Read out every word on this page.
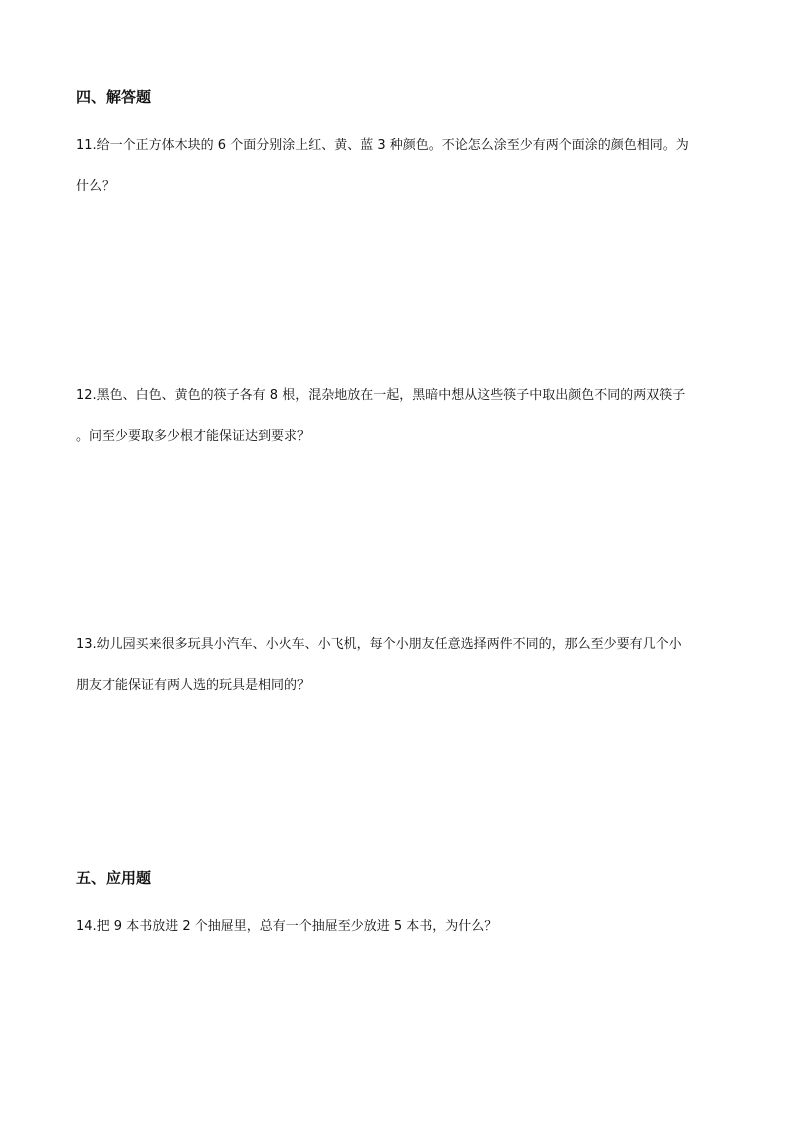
四、解答题
11.给一个正方体木块的 6 个面分别涂上红、黄、蓝 3 种颜色。不论怎么涂至少有两个面涂的颜色相同。为
什么？
12.黑色、白色、黄色的筷子各有 8 根，混杂地放在一起，黑暗中想从这些筷子中取出颜色不同的两双筷子
。问至少要取多少根才能保证达到要求？
13.幼儿园买来很多玩具小汽车、小火车、小飞机，每个小朋友任意选择两件不同的，那么至少要有几个小
朋友才能保证有两人选的玩具是相同的？
五、应用题
14.把 9 本书放进 2 个抽屉里，总有一个抽屉至少放进 5 本书，为什么？
